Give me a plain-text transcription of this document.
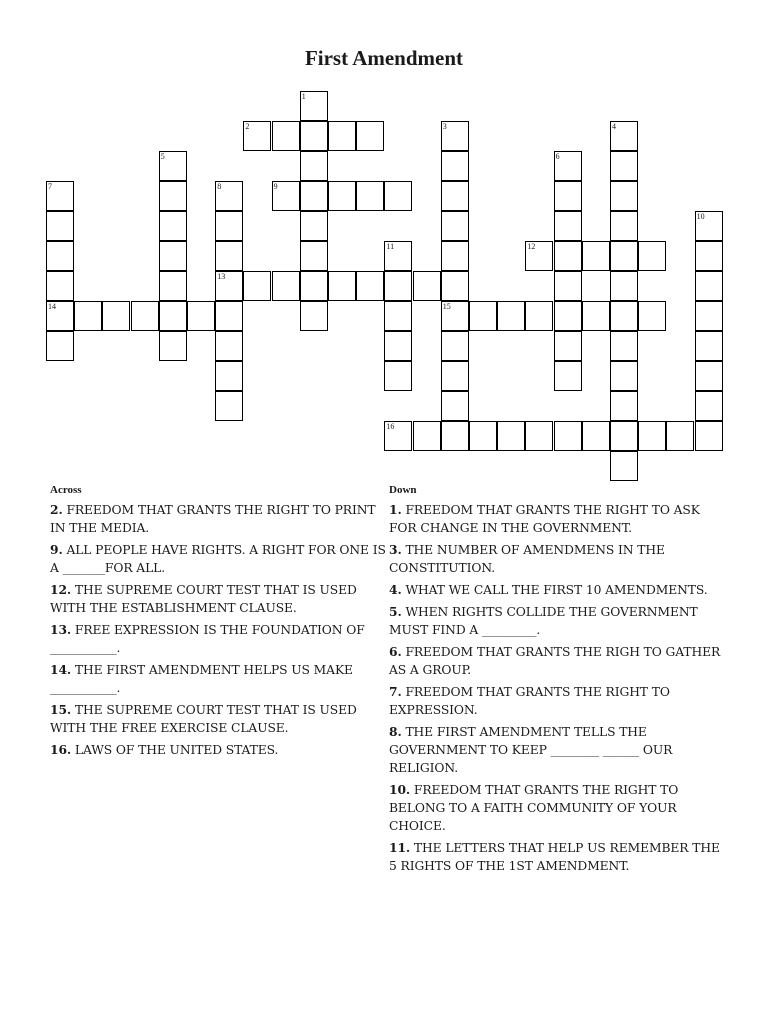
First Amendment
1
2	3
15
4
5	6
7
14
8
13
9
10
11	12
16
Across
2. FREEDOM THAT GRANTS THE RIGHT TO PRINT IN THE MEDIA.
9. ALL PEOPLE HAVE RIGHTS. A RIGHT FOR ONE IS A _______FOR ALL.
12. THE SUPREME COURT TEST THAT IS USED WITH THE ESTABLISHMENT CLAUSE.
13. FREE EXPRESSION IS THE FOUNDATION OF ___________.
14. THE FIRST AMENDMENT HELPS US MAKE ___________.
15. THE SUPREME COURT TEST THAT IS USED WITH THE FREE EXERCISE CLAUSE.
16. LAWS OF THE UNITED STATES.
Down
1. FREEDOM THAT GRANTS THE RIGHT TO ASK FOR CHANGE IN THE GOVERNMENT.
3. THE NUMBER OF AMENDMENS IN THE CONSTITUTION.
4. WHAT WE CALL THE FIRST 10 AMENDMENTS.
5. WHEN RIGHTS COLLIDE THE GOVERNMENT MUST FIND A _________.
6. FREEDOM THAT GRANTS THE RIGH TO GATHER AS A GROUP.
7. FREEDOM THAT GRANTS THE RIGHT TO EXPRESSION.
8. THE FIRST AMENDMENT TELLS THE GOVERNMENT TO KEEP ________ ______ OUR RELIGION.
10. FREEDOM THAT GRANTS THE RIGHT TO BELONG TO A FAITH COMMUNITY OF YOUR CHOICE.
11. THE LETTERS THAT HELP US REMEMBER THE 5 RIGHTS OF THE 1ST AMENDMENT.
